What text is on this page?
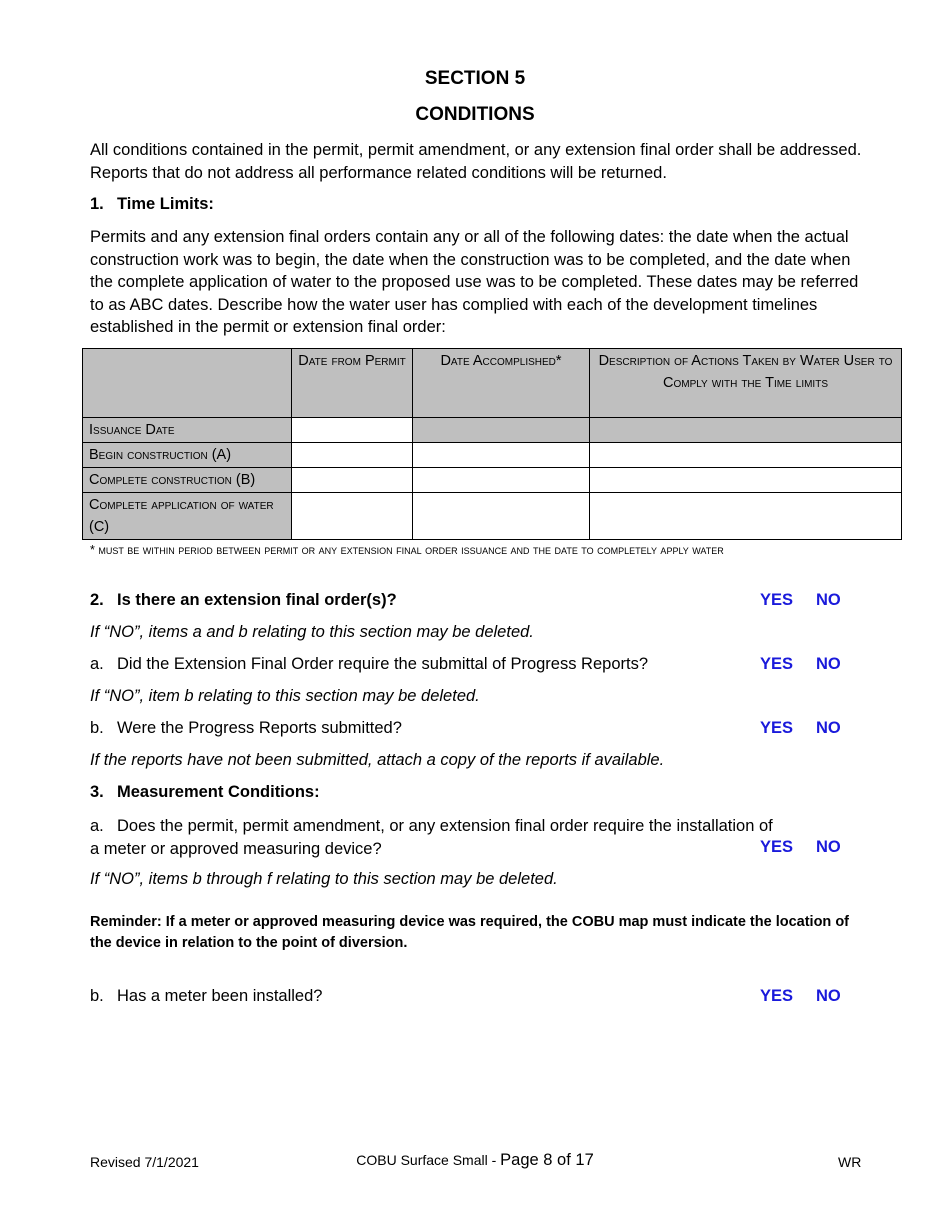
SECTION 5
CONDITIONS
All conditions contained in the permit, permit amendment, or any extension final order shall be addressed. Reports that do not address all performance related conditions will be returned.
1. Time Limits:
Permits and any extension final orders contain any or all of the following dates: the date when the actual construction work was to begin, the date when the construction was to be completed, and the date when the complete application of water to the proposed use was to be completed. These dates may be referred to as ABC dates. Describe how the water user has complied with each of the development timelines established in the permit or extension final order:
	Date from Permit	Date Accomplished*	Description of Actions Taken by Water User to Comply with the Time limits
Issuance Date			
Begin construction (A)			
Complete construction (B)			
Complete application of water (C)			
* must be within period between permit or any extension final order issuance and the date to completely apply water
2. Is there an extension final order(s)?	YES NO
If “NO”, items a and b relating to this section may be deleted.
a. Did the Extension Final Order require the submittal of Progress Reports?	YES NO
If “NO”, item b relating to this section may be deleted.
b. Were the Progress Reports submitted?	YES NO
If the reports have not been submitted, attach a copy of the reports if available.
3. Measurement Conditions:
a. Does the permit, permit amendment, or any extension final order require the installation of
a meter or approved measuring device?	YES NO
If “NO”, items b through f relating to this section may be deleted.
Reminder: If a meter or approved measuring device was required, the COBU map must indicate the location of the device in relation to the point of diversion.
b. Has a meter been installed?	YES NO
Revised 7/1/2021	COBU Surface Small - Page 8 of 17	WR
